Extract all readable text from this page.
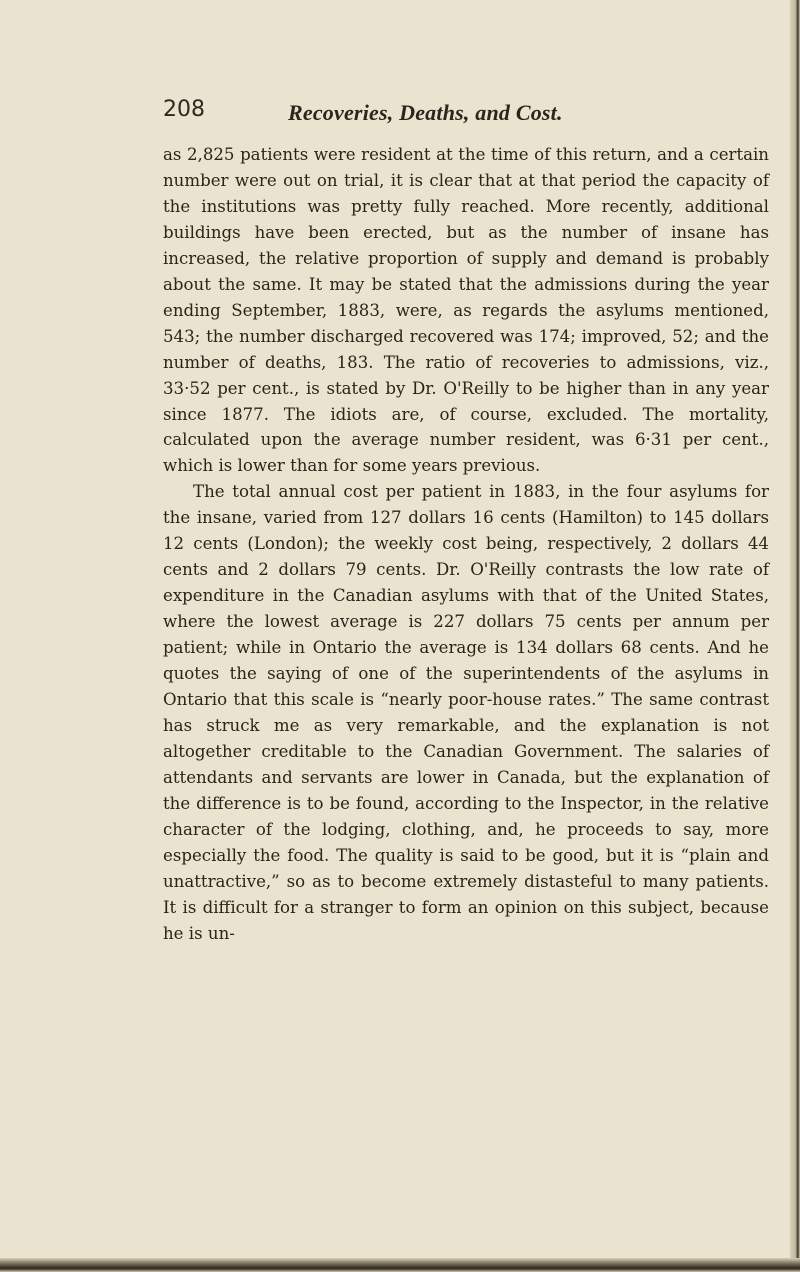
208	Recoveries, Deaths, and Cost.

as 2,825 patients were resident at the time of this return, and a certain number were out on trial, it is clear that at that period the capacity of the institutions was pretty fully reached. More recently, additional buildings have been erected, but as the number of insane has increased, the relative proportion of supply and demand is probably about the same. It may be stated that the admissions during the year ending September, 1883, were, as regards the asylums mentioned, 543; the number discharged recovered was 174; improved, 52; and the number of deaths, 183. The ratio of recoveries to admissions, viz., 33·52 per cent., is stated by Dr. O'Reilly to be higher than in any year since 1877. The idiots are, of course, excluded. The mortality, calculated upon the average number resident, was 6·31 per cent., which is lower than for some years previous.

The total annual cost per patient in 1883, in the four asylums for the insane, varied from 127 dollars 16 cents (Hamilton) to 145 dollars 12 cents (London); the weekly cost being, respectively, 2 dollars 44 cents and 2 dollars 79 cents. Dr. O'Reilly contrasts the low rate of expenditure in the Canadian asylums with that of the United States, where the lowest average is 227 dollars 75 cents per annum per patient; while in Ontario the average is 134 dollars 68 cents. And he quotes the saying of one of the superintendents of the asylums in Ontario that this scale is “nearly poor-house rates.” The same contrast has struck me as very remarkable, and the explanation is not altogether creditable to the Canadian Government. The salaries of attendants and servants are lower in Canada, but the explanation of the difference is to be found, according to the Inspector, in the relative character of the lodging, clothing, and, he proceeds to say, more especially the food. The quality is said to be good, but it is “plain and unattractive,” so as to become extremely distasteful to many patients. It is difficult for a stranger to form an opinion on this subject, because he is un-
